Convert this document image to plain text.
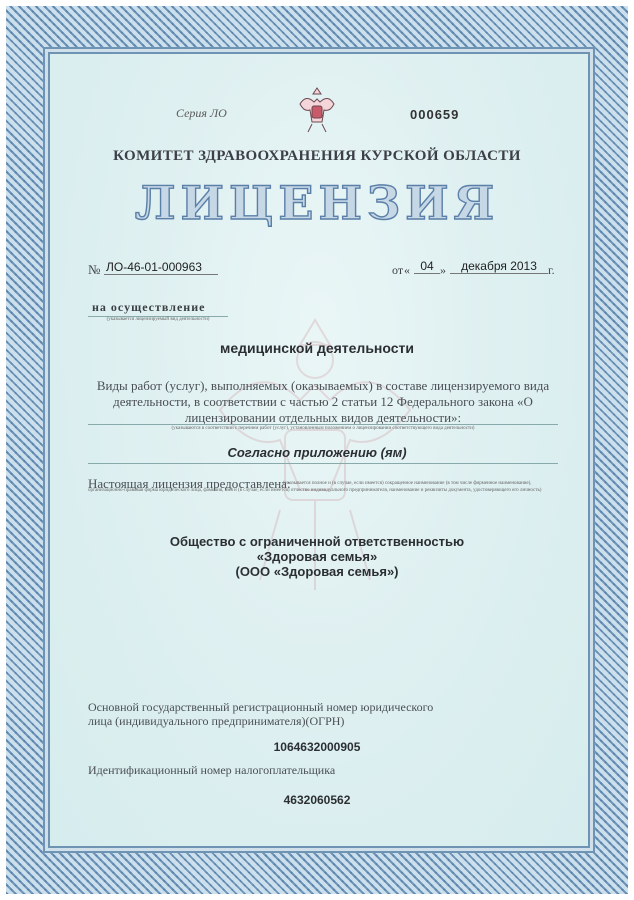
Серия ЛО	000659
КОМИТЕТ ЗДРАВООХРАНЕНИЯ КУРСКОЙ ОБЛАСТИ
ЛИЦЕНЗИЯ
№ ЛО-46-01-000963	от « 04 »	декабря 2013 г.
на осуществление
(указывается лицензируемый вид деятельности)
медицинской деятельности
Виды работ (услуг), выполняемых (оказываемых) в составе лицензируемого вида деятельности, в соответствии с частью 2 статьи 12 Федерального закона «О лицензировании отдельных видов деятельности»:
(указываются в соответствии с перечнем работ (услуг), установленным положением о лицензировании соответствующего вида деятельности)
Согласно приложению (ям)
Настоящая лицензия предоставлена:
(указывается полное и (в случае, если имеется) сокращенное наименование (в том числе фирменное наименование), организационно-правовая форма юридического лица, фамилия, имя и (в случае, если имеется) отчество индивидуального предпринимателя, наименование и реквизиты документа, удостоверяющего его личность)
Общество с ограниченной ответственностью
«Здоровая семья»
(ООО «Здоровая семья»)
Основной государственный регистрационный номер юридического лица (индивидуального предпринимателя)(ОГРН)
1064632000905
Идентификационный номер налогоплательщика
4632060562
